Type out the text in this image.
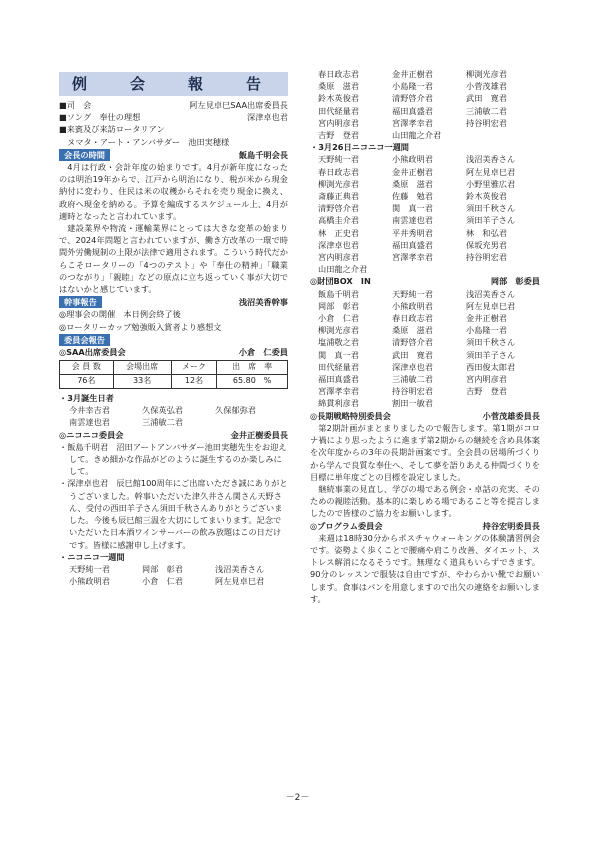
例　会　報　告
■司　会	阿左見卓巳SAA出席委員長
■ソング　奉仕の理想	深津卓也君
■来賓及び来訪ロータリアン
ヌマタ・アート・アンバサダー　池田実穂様
会長の時間	飯島千明会長

4月は行政・会計年度の始まりです。4月が新年度になったのは明治19年からで、江戸から明治になり、税が米から現金納付に変わり、住民は米の収穫からそれを売り現金に換え、政府へ現金を納める。予算を編成するスケジュール上、4月が適時となったと言われています。

建設業界や物流・運輸業界にとっては大きな変革の始まりで、2024年問題と言われていますが、働き方改革の一環で時間外労働規制の上限が法律で適用されます。こういう時代だからこそロータリーの「4つのテスト」や「奉仕の精神」「職業のつながり」「親睦」などの原点に立ち返っていく事が大切ではないかと感じています。

幹事報告	浅沼美香幹事
◎理事会の開催　本日例会終了後
◎ロータリーカップ勉強販入賞者より感想文
委員会報告
◎SAA出席委員会	小倉　仁委員
会 員 数	会場出席	メーク	出　席　率
76名	33名	12名	65.80　%
・3月誕生日者
今井幸吉君	久保英弘君	久保郁弥君
南雲達也君	三浦敏二君
◎ニコニコ委員会	金井正樹委員長
・飯島千明君　沼田アートアンバサダー池田実穂先生をお迎えして。きめ細かな作品がどのように誕生するのか楽しみにして。
・深津卓也君　辰巳館100周年にご出席いただき誠にありがとうございました。幹事いただいた津久井さん関さん天野さん、受付の西田羊子さん須田千秋さんありがとうございました。今後も辰巳館三温を大切にしてまいります。記念でいただいた日本酒ワインサーバーの飲み放題はこの日だけです。皆様に感謝申し上げます。
・ニコニコ一週間
天野純一君	岡部　彰君	浅沼美香さん
小熊政明君	小倉　仁君	阿左見卓巳君
春日政志君	金井正樹君	柳渕光彦君
桑原　滋君	小島隆一君	小菅茂雄君
鈴木英俊君	清野啓介君	武田　寛君
田代経量君	福田真盛君	三浦敏二君
宮内明彦君	宮澤孝幸君	持谷明宏君
吉野　登君	山田龍之介君
・3月26日ニコニコ一週間
天野純一君	小熊政明君	浅沼美香さん
春日政志君	金井正樹君	阿左見卓巳君
柳渕光彦君	桑原　滋君	小野里雅広君
斎藤正典君	佐藤　勉君	鈴木英俊君
清野啓介君	関　真一君	須田千秋さん
高橋圭介君	南雲達也君	須田羊子さん
林　正史君	平井秀明君	林　和弘君
深津卓也君	福田真盛君	保坂充男君
宮内明彦君	宮澤孝幸君	持谷明宏君
山田龍之介君
◎財団BOX　IN	岡部　彰委員
飯島千明君	天野純一君	浅沼美香さん
岡部　彰君	小熊政明君	阿左見卓巳君
小倉　仁君	春日政志君	金井正樹君
柳渕光彦君	桑原　滋君	小島隆一君
塩浦敬之君	清野啓介君	須田千秋さん
関　真一君	武田　寛君	須田羊子さん
田代経量君	深津卓也君	西田俊太郎君
福田真盛君	三浦敏二君	宮内明彦君
宮澤孝幸君	持谷明宏君	吉野　登君
綿貫利彦君	割田一敏君
◎長期戦略特別委員会	小菅茂雄委員長

第2期計画がまとまりましたので報告します。第1期がコロナ禍により思ったように進まず第2期からの継続を含め具体案を次年度からの3年の長期計画案です。全会員の居場所づくりから学んで良質な奉仕へ、そして夢を語りあえる仲間づくりを目標に単年度ごとの目標を設定しました。

継続事業の見直し、学びの場である例会・卓話の充実、そのための親睦活動。基本的に楽しめる場であること等を提言しましたので皆様のご協力をお願いします。

◎プログラム委員会	持谷宏明委員長

来週は18時30分からポスチャウォーキングの体験講習例会です。姿勢よく歩くことで腰痛や肩こり改善、ダイエット、ストレス解消になるそうです。無理なく道具もいらずできます。90分のレッスンで服装は自由ですが、やわらかい靴でお願いします。食事はパンを用意しますので出欠の連絡をお願いします。

－2－
